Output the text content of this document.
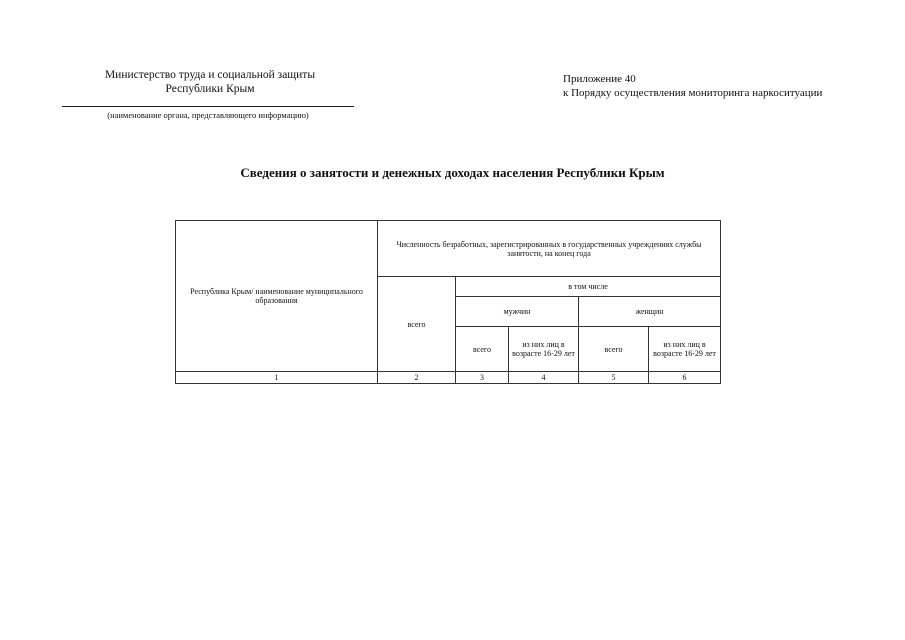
Министерство труда и социальной защиты
Республики Крым
(наименование органа, представляющего информацию)
Приложение 40
к Порядку осуществления мониторинга наркоситуации
Сведения о занятости и денежных доходах населения Республики Крым
Республика Крым/ наименование муниципального образования	Численность безработных, зарегистрированных в государственных учреждениях службы занятости, на конец года				
	всего	в том числе			
		мужчин		женщин	
		всего	из них лиц в возрасте 16-29 лет	всего	из них лиц в возрасте 16-29 лет
1	2	3	4	5	6
